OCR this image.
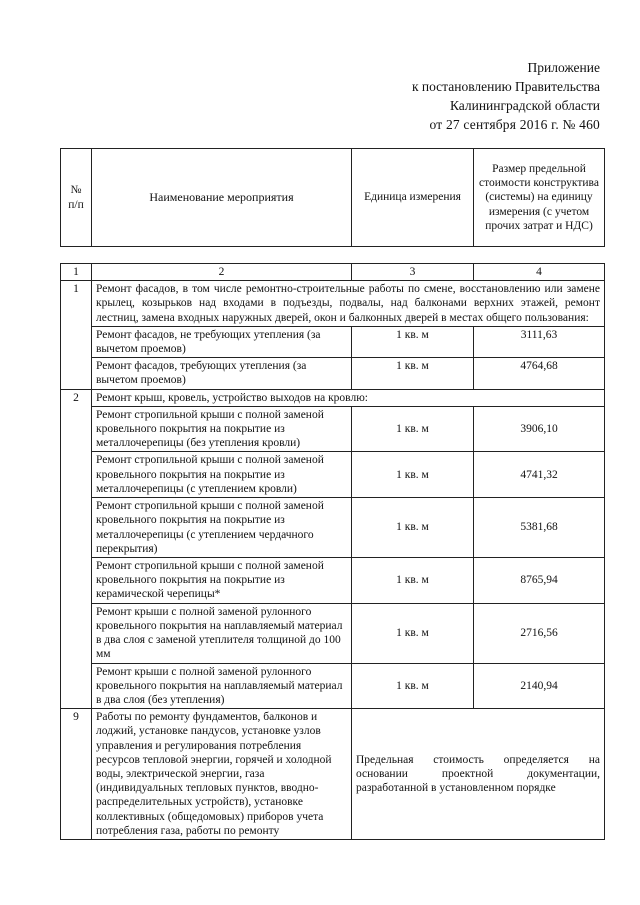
Приложение
к постановлению Правительства
Калининградской области
от 27 сентября 2016 г. № 460
№ п/п	Наименование мероприятия	Единица измерения	Размер предельной стоимости конструктива (системы) на единицу измерения (с учетом прочих затрат и НДС)
1	2	3	4
1	Ремонт фасадов, в том числе ремонтно-строительные работы по смене, восстановлению или замене крылец, козырьков над входами в подъезды, подвалы, над балконами верхних этажей, ремонт лестниц, замена входных наружных дверей, окон и балконных дверей в местах общего пользования:		
	Ремонт фасадов, не требующих утепления (за вычетом проемов)	1 кв. м	3111,63
	Ремонт фасадов, требующих утепления (за вычетом проемов)	1 кв. м	4764,68
2	Ремонт крыш, кровель, устройство выходов на кровлю:		
	Ремонт стропильной крыши с полной заменой кровельного покрытия на покрытие из металлочерепицы (без утепления кровли)	1 кв. м	3906,10
	Ремонт стропильной крыши с полной заменой кровельного покрытия на покрытие из металлочерепицы (с утеплением кровли)	1 кв. м	4741,32
	Ремонт стропильной крыши с полной заменой кровельного покрытия на покрытие из металлочерепицы (с утеплением чердачного перекрытия)	1 кв. м	5381,68
	Ремонт стропильной крыши с полной заменой кровельного покрытия на покрытие из керамической черепицы*	1 кв. м	8765,94
	Ремонт крыши с полной заменой рулонного кровельного покрытия на наплавляемый материал в два слоя с заменой утеплителя толщиной до 100 мм	1 кв. м	2716,56
	Ремонт крыши с полной заменой рулонного кровельного покрытия на наплавляемый материал в два слоя (без утепления)	1 кв. м	2140,94
9	Работы по ремонту фундаментов, балконов и лоджий, установке пандусов, установке узлов управления и регулирования потребления ресурсов тепловой энергии, горячей и холодной воды, электрической энергии, газа (индивидуальных тепловых пунктов, вводно-распределительных устройств), установке коллективных (общедомовых) приборов учета потребления газа, работы по ремонту	Предельная стоимость определяется на основании проектной документации, разработанной в установленном порядке	
